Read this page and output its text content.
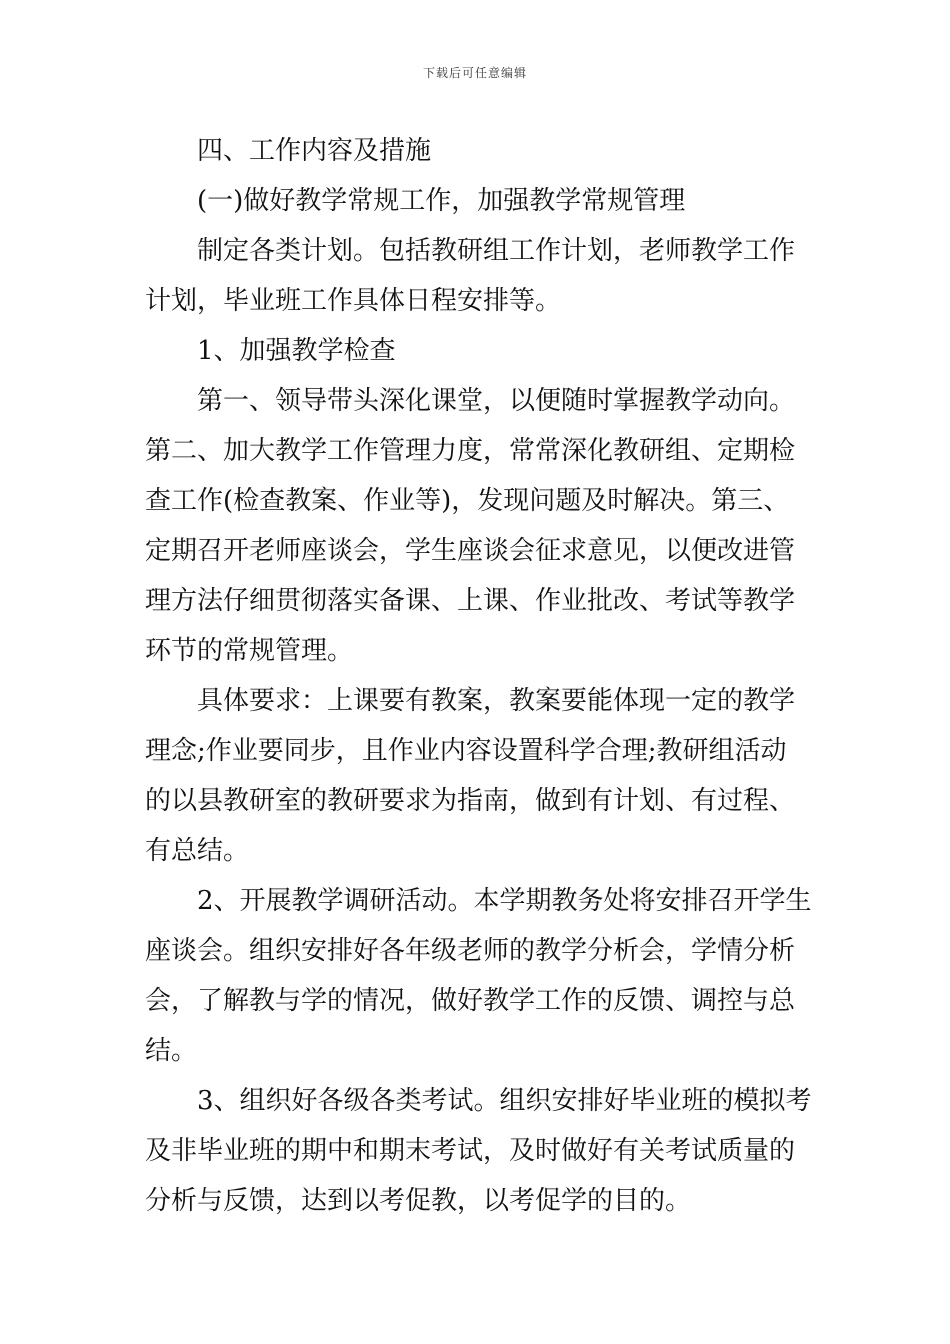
下载后可任意编辑
四、工作内容及措施
(一)做好教学常规工作，加强教学常规管理
制定各类计划。包括教研组工作计划，老师教学工作
计划，毕业班工作具体日程安排等。
1、加强教学检查
第一、领导带头深化课堂，以便随时掌握教学动向。
第二、加大教学工作管理力度，常常深化教研组、定期检
查工作(检查教案、作业等)，发现问题及时解决。第三、
定期召开老师座谈会，学生座谈会征求意见，以便改进管
理方法仔细贯彻落实备课、上课、作业批改、考试等教学
环节的常规管理。
具体要求：上课要有教案，教案要能体现一定的教学
理念;作业要同步，且作业内容设置科学合理;教研组活动
的以县教研室的教研要求为指南，做到有计划、有过程、
有总结。
2、开展教学调研活动。本学期教务处将安排召开学生
座谈会。组织安排好各年级老师的教学分析会，学情分析
会，了解教与学的情况，做好教学工作的反馈、调控与总
结。
3、组织好各级各类考试。组织安排好毕业班的模拟考
及非毕业班的期中和期末考试，及时做好有关考试质量的
分析与反馈，达到以考促教，以考促学的目的。
